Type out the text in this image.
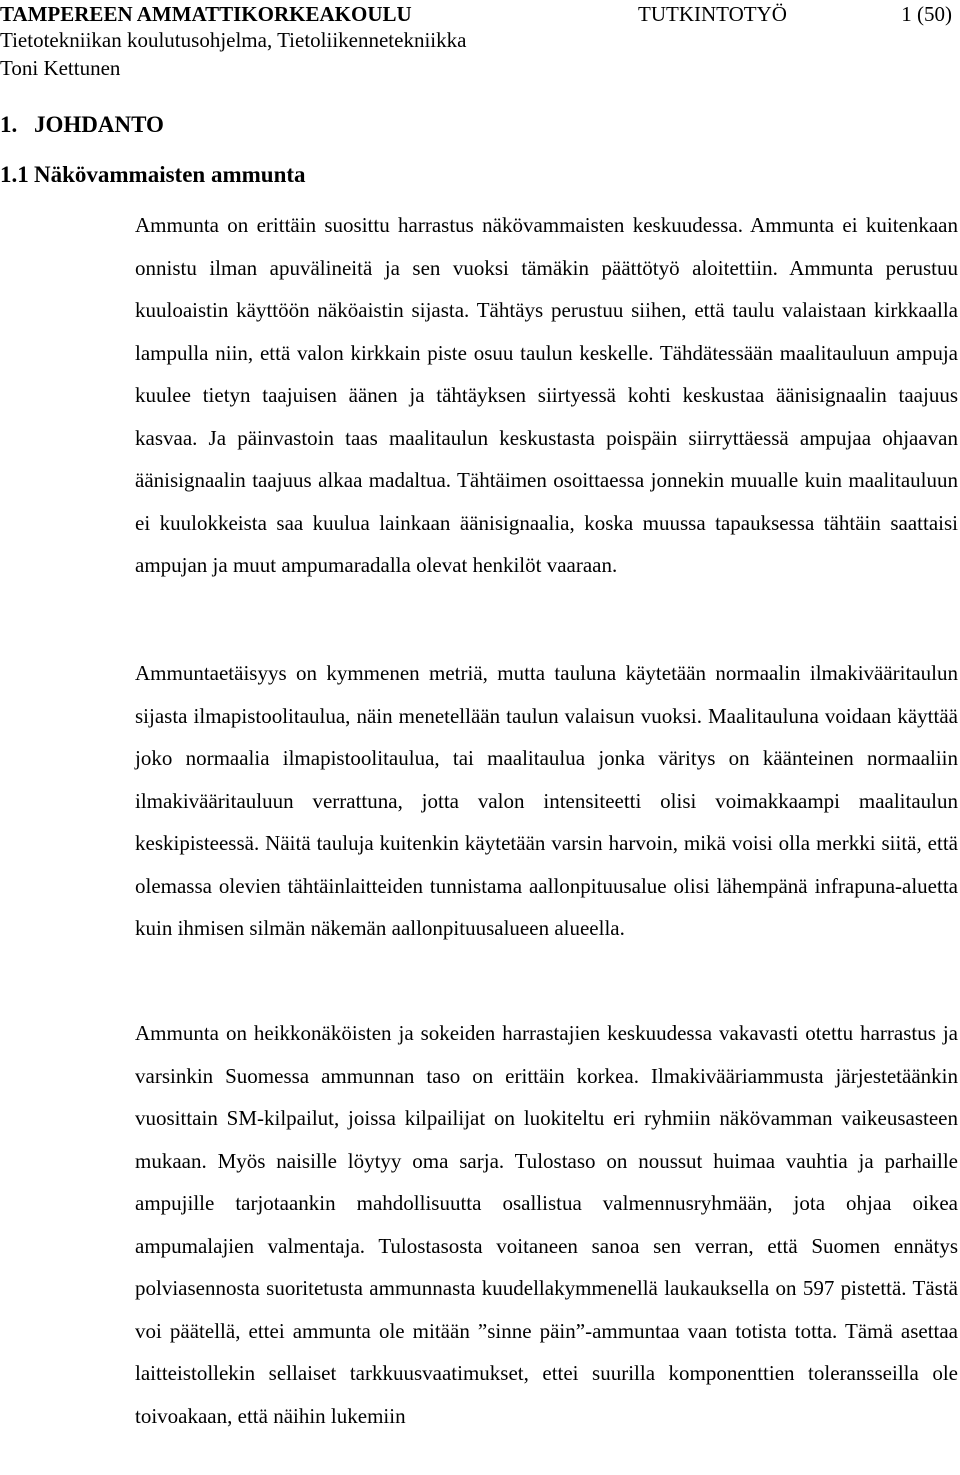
TAMPEREEN AMMATTIKORKEAKOULU	TUTKINTOTYÖ	1 (50)
Tietotekniikan koulutusohjelma, Tietoliikennetekniikka
Toni Kettunen
1. JOHDANTO
1.1 Näkövammaisten ammunta

Ammunta on erittäin suosittu harrastus näkövammaisten keskuudessa. Ammunta ei kuitenkaan onnistu ilman apuvälineitä ja sen vuoksi tämäkin päättötyö aloitettiin. Ammunta perustuu kuuloaistin käyttöön näköaistin sijasta. Tähtäys perustuu siihen, että taulu valaistaan kirkkaalla lampulla niin, että valon kirkkain piste osuu taulun keskelle. Tähdätessään maalitauluun ampuja kuulee tietyn taajuisen äänen ja tähtäyksen siirtyessä kohti keskustaa äänisignaalin taajuus kasvaa. Ja päinvastoin taas maalitaulun keskustasta poispäin siirryttäessä ampujaa ohjaavan äänisignaalin taajuus alkaa madaltua. Tähtäimen osoittaessa jonnekin muualle kuin maalitauluun ei kuulokkeista saa kuulua lainkaan äänisignaalia, koska muussa tapauksessa tähtäin saattaisi ampujan ja muut ampumaradalla olevat henkilöt vaaraan.

Ammuntaetäisyys on kymmenen metriä, mutta tauluna käytetään normaalin ilmakivääritaulun sijasta ilmapistoolitaulua, näin menetellään taulun valaisun vuoksi. Maalitauluna voidaan käyttää joko normaalia ilmapistoolitaulua, tai maalitaulua jonka väritys on käänteinen normaaliin ilmakivääritauluun verrattuna, jotta valon intensiteetti olisi voimakkaampi maalitaulun keskipisteessä. Näitä tauluja kuitenkin käytetään varsin harvoin, mikä voisi olla merkki siitä, että olemassa olevien tähtäinlaitteiden tunnistama aallonpituusalue olisi lähempänä infrapuna-aluetta kuin ihmisen silmän näkemän aallonpituusalueen alueella.

Ammunta on heikkonäköisten ja sokeiden harrastajien keskuudessa vakavasti otettu harrastus ja varsinkin Suomessa ammunnan taso on erittäin korkea. Ilmakivääriammusta järjestetäänkin vuosittain SM-kilpailut, joissa kilpailijat on luokiteltu eri ryhmiin näkövamman vaikeusasteen mukaan. Myös naisille löytyy oma sarja. Tulostaso on noussut huimaa vauhtia ja parhaille ampujille tarjotaankin mahdollisuutta osallistua valmennusryhmään, jota ohjaa oikea ampumalajien valmentaja. Tulostasosta voitaneen sanoa sen verran, että Suomen ennätys polviasennosta suoritetusta ammunnasta kuudellakymmenellä laukauksella on 597 pistettä. Tästä voi päätellä, ettei ammunta ole mitään ”sinne päin”-ammuntaa vaan totista totta. Tämä asettaa laitteistollekin sellaiset tarkkuusvaatimukset, ettei suurilla komponenttien toleransseilla ole toivoakaan, että näihin lukemiin
